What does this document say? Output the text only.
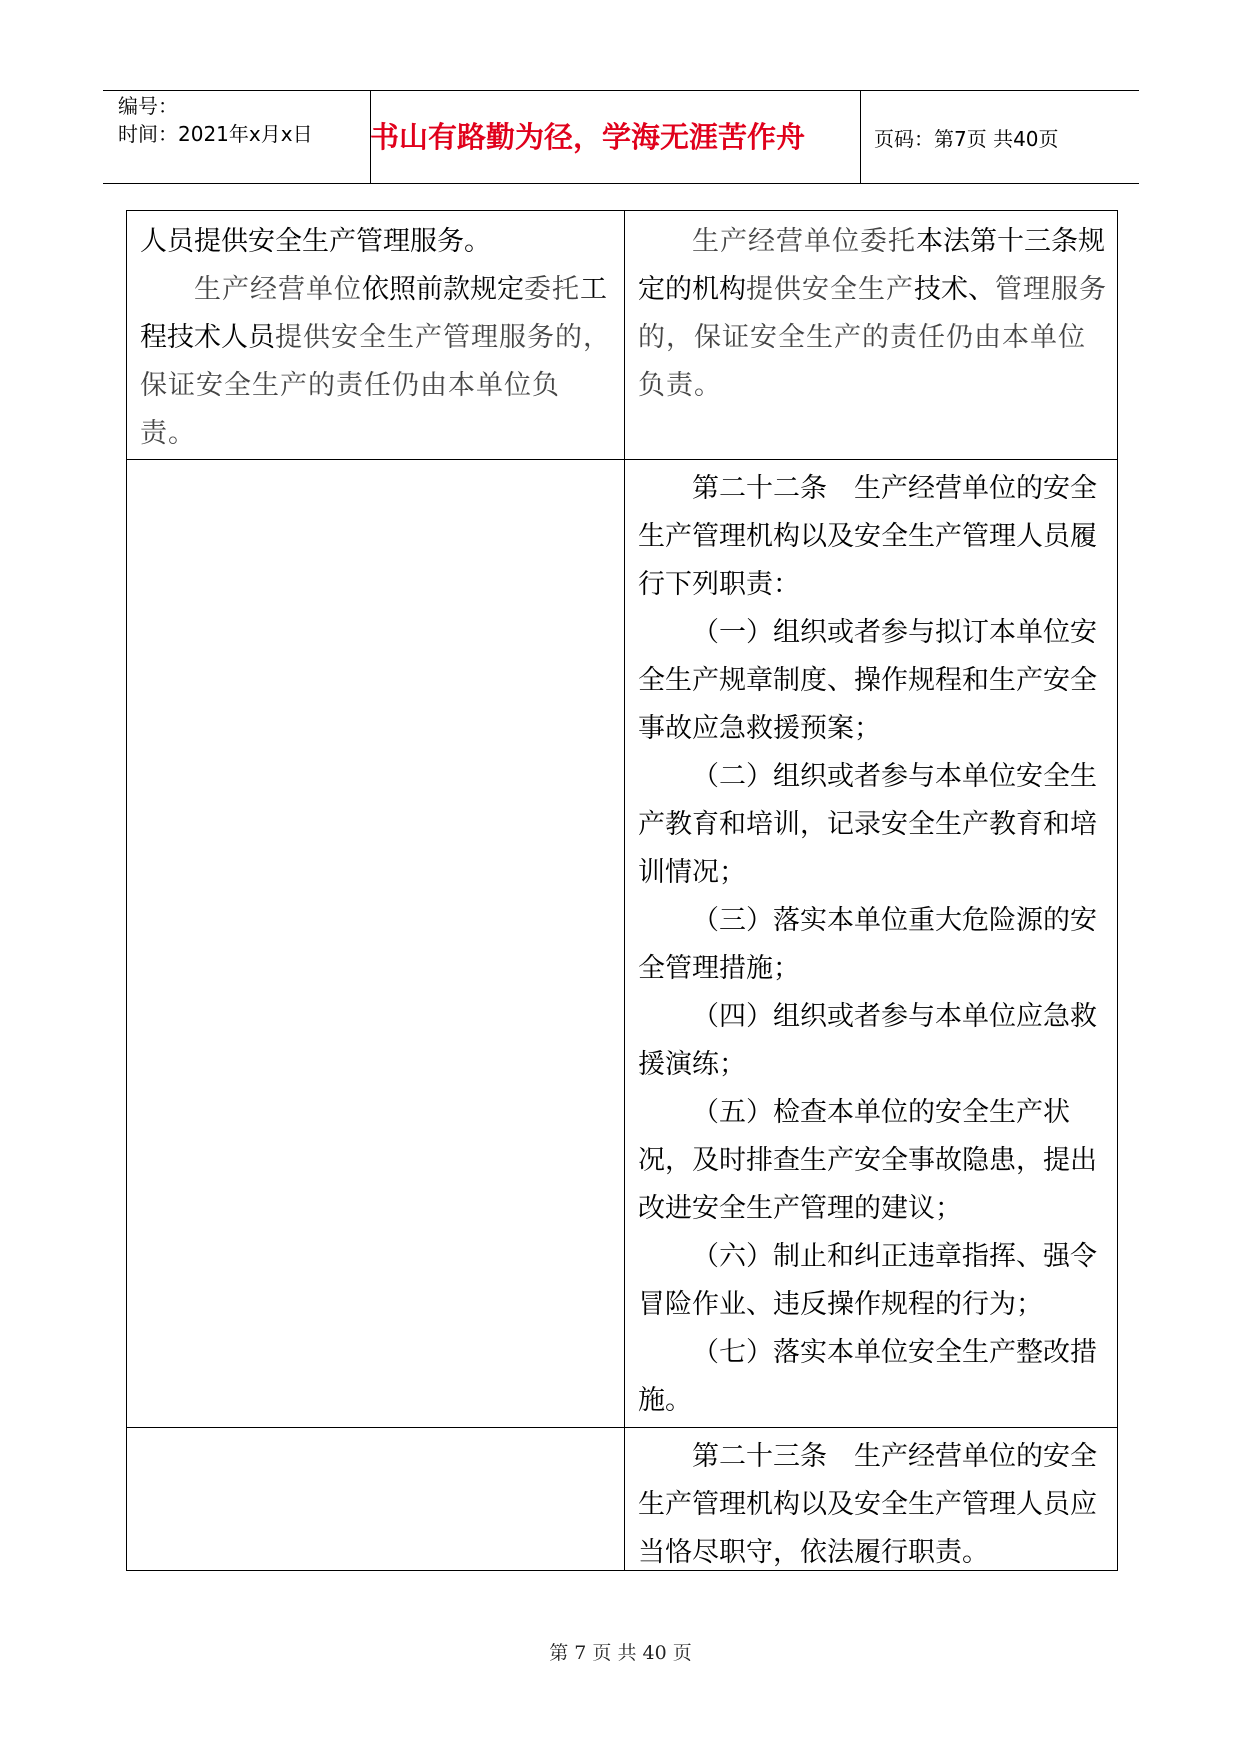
编号：
时间：2021年x月x日 书山有路勤为径，学海无涯苦作舟	页码：第7页 共40页

人员提供安全生产管理服务。

生产经营单位依照前款规定委托工程技术人员提供安全生产管理服务的，保证安全生产的责任仍由本单位负责。

生产经营单位委托本法第十三条规定的机构提供安全生产技术、管理服务的，保证安全生产的责任仍由本单位负责。

第二十二条　生产经营单位的安全生产管理机构以及安全生产管理人员履行下列职责：

（一）组织或者参与拟订本单位安全生产规章制度、操作规程和生产安全事故应急救援预案；

（二）组织或者参与本单位安全生产教育和培训，记录安全生产教育和培训情况；

（三）落实本单位重大危险源的安全管理措施；

（四）组织或者参与本单位应急救援演练；

（五）检查本单位的安全生产状况，及时排查生产安全事故隐患，提出改进安全生产管理的建议；

（六）制止和纠正违章指挥、强令冒险作业、违反操作规程的行为；

（七）落实本单位安全生产整改措施。

第二十三条　生产经营单位的安全生产管理机构以及安全生产管理人员应当恪尽职守，依法履行职责。

第 7 页 共 40 页
